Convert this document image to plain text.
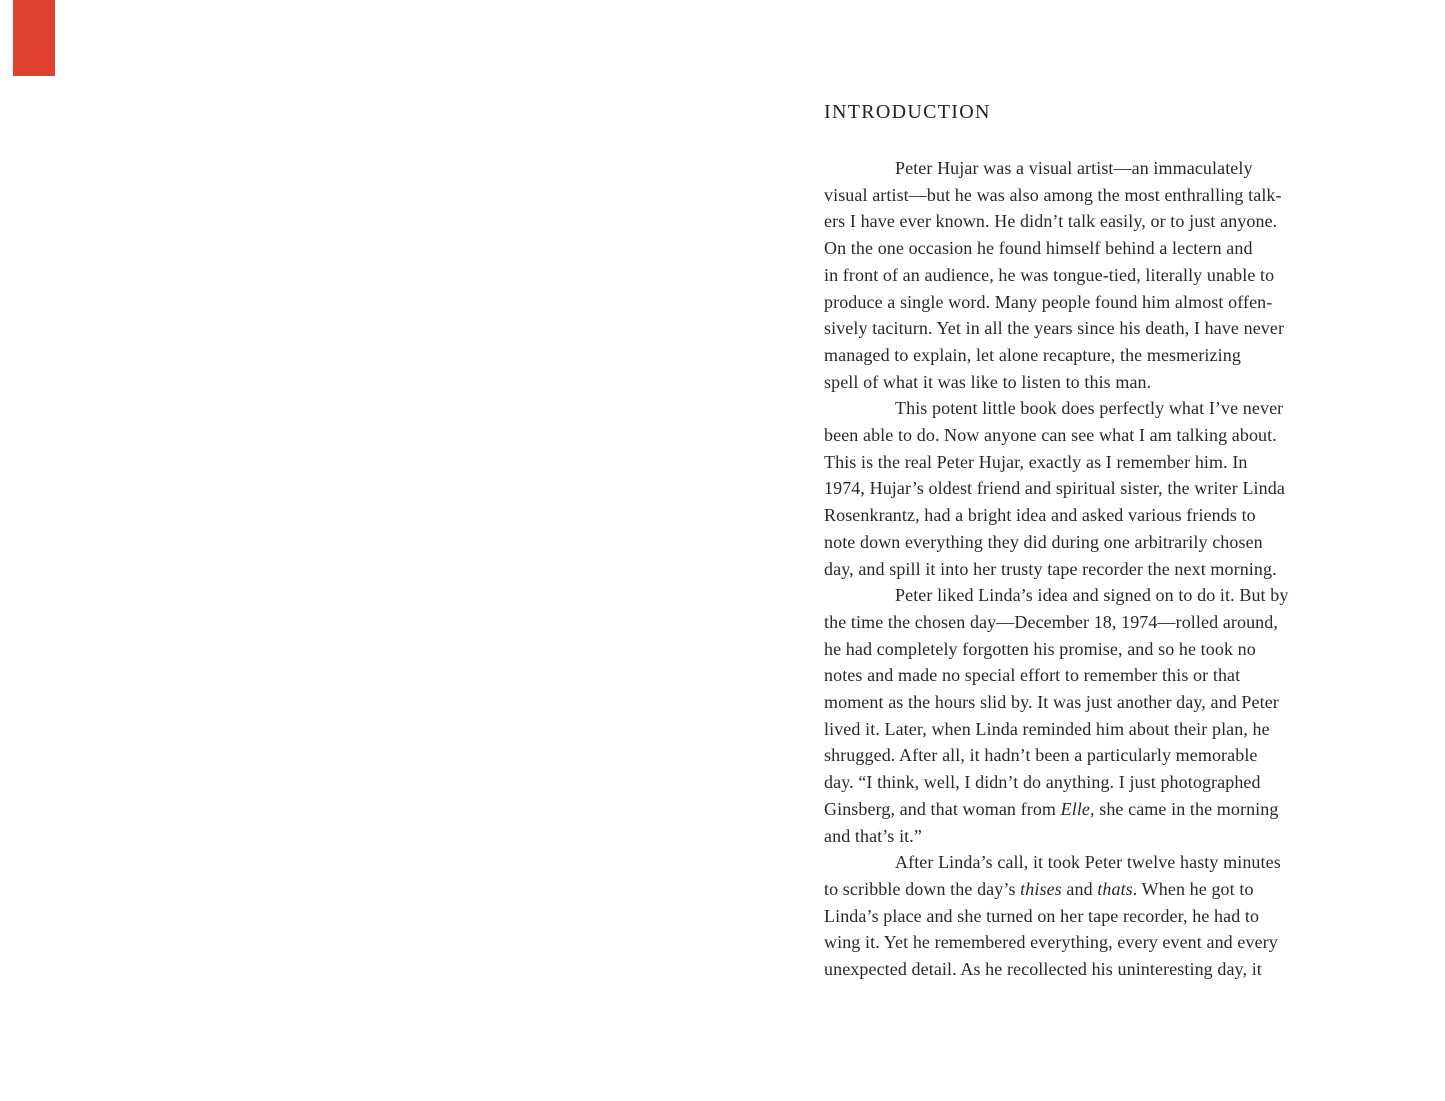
INTRODUCTION
Peter Hujar was a visual artist—an immaculately
visual artist—but he was also among the most enthralling talk-
ers I have ever known. He didn’t talk easily, or to just anyone.
On the one occasion he found himself behind a lectern and
in front of an audience, he was tongue-tied, literally unable to
produce a single word. Many people found him almost offen-
sively taciturn. Yet in all the years since his death, I have never
managed to explain, let alone recapture, the mesmerizing
spell of what it was like to listen to this man.
This potent little book does perfectly what I’ve never
been able to do. Now anyone can see what I am talking about.
This is the real Peter Hujar, exactly as I remember him. In
1974, Hujar’s oldest friend and spiritual sister, the writer Linda
Rosenkrantz, had a bright idea and asked various friends to
note down everything they did during one arbitrarily chosen
day, and spill it into her trusty tape recorder the next morning.
Peter liked Linda’s idea and signed on to do it. But by
the time the chosen day—December 18, 1974—rolled around,
he had completely forgotten his promise, and so he took no
notes and made no special effort to remember this or that
moment as the hours slid by. It was just another day, and Peter
lived it. Later, when Linda reminded him about their plan, he
shrugged. After all, it hadn’t been a particularly memorable
day. “I think, well, I didn’t do anything. I just photographed
Ginsberg, and that woman from Elle, she came in the morning
and that’s it.”
After Linda’s call, it took Peter twelve hasty minutes
to scribble down the day’s thises and thats. When he got to
Linda’s place and she turned on her tape recorder, he had to
wing it. Yet he remembered everything, every event and every
unexpected detail. As he recollected his uninteresting day, it
